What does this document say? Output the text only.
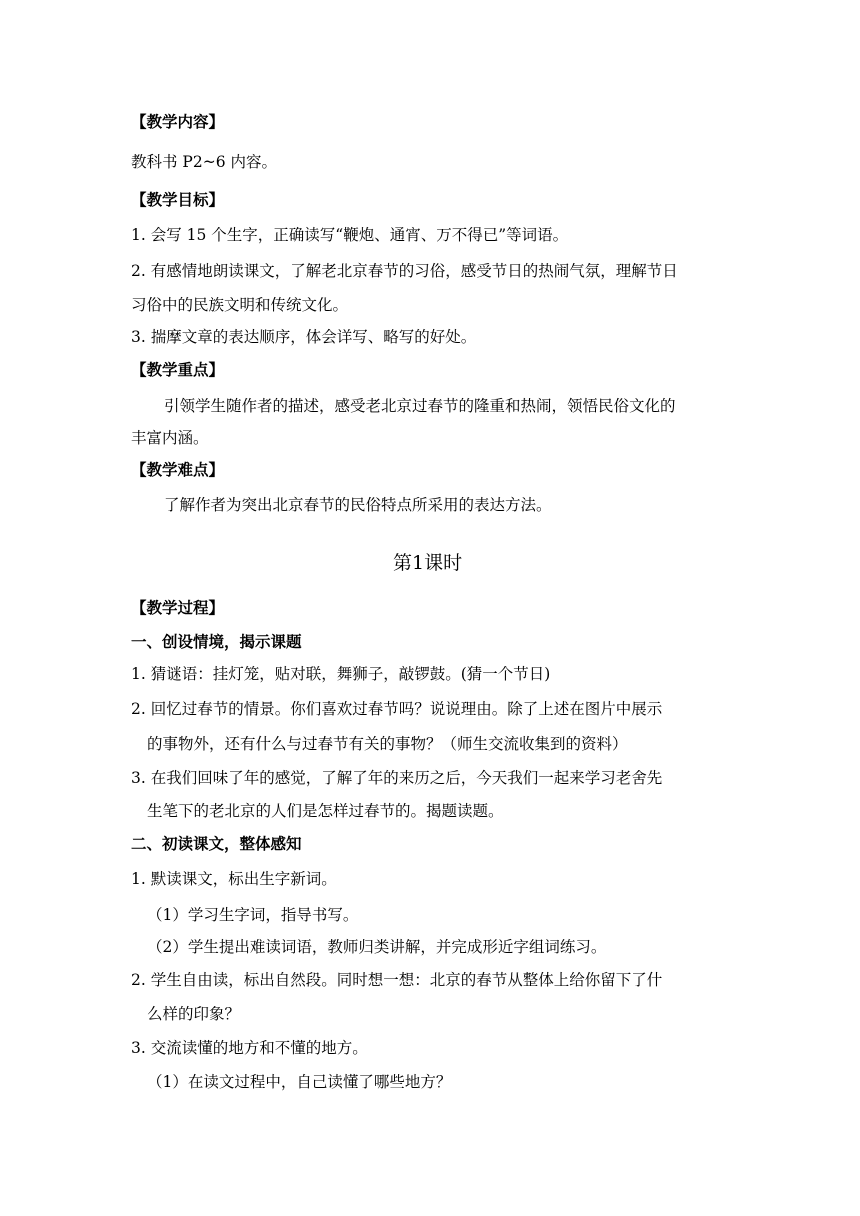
【教学内容】
教科书 P2~6 内容。
【教学目标】
1. 会写 15 个生字，正确读写“鞭炮、通宵、万不得已”等词语。
2. 有感情地朗读课文，了解老北京春节的习俗，感受节日的热闹气氛，理解节日
习俗中的民族文明和传统文化。
3. 揣摩文章的表达顺序，体会详写、略写的好处。
【教学重点】
引领学生随作者的描述，感受老北京过春节的隆重和热闹，领悟民俗文化的
丰富内涵。
【教学难点】
了解作者为突出北京春节的民俗特点所采用的表达方法。
第1课时
【教学过程】
一、创设情境，揭示课题
1. 猜谜语：挂灯笼，贴对联，舞狮子，敲锣鼓。(猜一个节日)
2. 回忆过春节的情景。你们喜欢过春节吗？说说理由。除了上述在图片中展示
的事物外，还有什么与过春节有关的事物？（师生交流收集到的资料）
3. 在我们回味了年的感觉，了解了年的来历之后，今天我们一起来学习老舍先
生笔下的老北京的人们是怎样过春节的。揭题读题。
二、初读课文，整体感知
1. 默读课文，标出生字新词。
（1）学习生字词，指导书写。
（2）学生提出难读词语，教师归类讲解，并完成形近字组词练习。
2. 学生自由读，标出自然段。同时想一想：北京的春节从整体上给你留下了什
么样的印象？
3. 交流读懂的地方和不懂的地方。
（1）在读文过程中，自己读懂了哪些地方？
